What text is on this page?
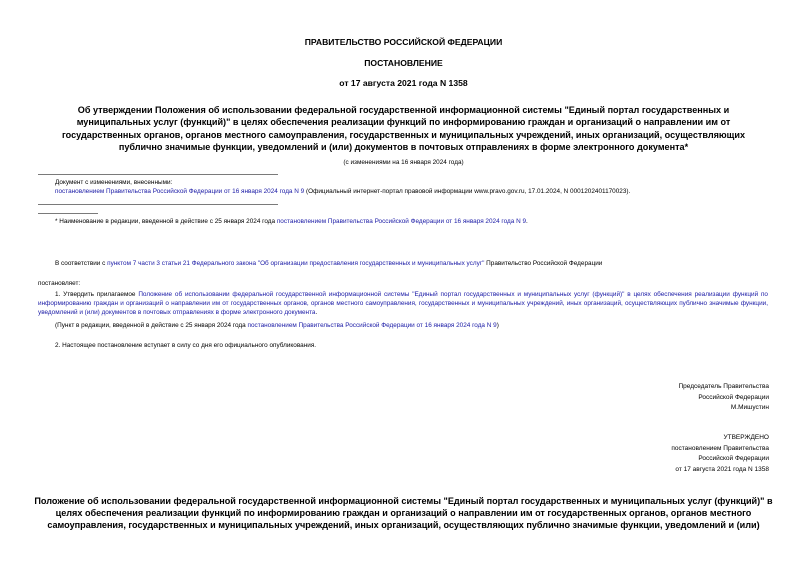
ПРАВИТЕЛЬСТВО РОССИЙСКОЙ ФЕДЕРАЦИИ
ПОСТАНОВЛЕНИЕ
от 17 августа 2021 года N 1358
Об утверждении Положения об использовании федеральной государственной информационной системы "Единый портал государственных и муниципальных услуг (функций)" в целях обеспечения реализации функций по информированию граждан и организаций о направлении им от государственных органов, органов местного самоуправления, государственных и муниципальных учреждений, иных организаций, осуществляющих публично значимые функции, уведомлений и (или) документов в почтовых отправлениях в форме электронного документа*
(с изменениями на 16 января 2024 года)
Документ с изменениями, внесенными:
постановлением Правительства Российской Федерации от 16 января 2024 года N 9 (Официальный интернет-портал правовой информации www.pravo.gov.ru, 17.01.2024, N 0001202401170023).
* Наименование в редакции, введенной в действие с 25 января 2024 года постановлением Правительства Российской Федерации от 16 января 2024 года N 9.
В соответствии с пунктом 7 части 3 статьи 21 Федерального закона "Об организации предоставления государственных и муниципальных услуг" Правительство Российской Федерации
постановляет:
1. Утвердить прилагаемое Положение об использовании федеральной государственной информационной системы "Единый портал государственных и муниципальных услуг (функций)" в целях обеспечения реализации функций по информированию граждан и организаций о направлении им от государственных органов, органов местного самоуправления, государственных и муниципальных учреждений, иных организаций, осуществляющих публично значимые функции, уведомлений и (или) документов в почтовых отправлениях в форме электронного документа.
(Пункт в редакции, введенной в действие с 25 января 2024 года постановлением Правительства Российской Федерации от 16 января 2024 года N 9)
2. Настоящее постановление вступает в силу со дня его официального опубликования.
Председатель Правительства
Российской Федерации
М.Мишустин
УТВЕРЖДЕНО
постановлением Правительства
Российской Федерации
от 17 августа 2021 года N 1358
Положение об использовании федеральной государственной информационной системы "Единый портал государственных и муниципальных услуг (функций)" в целях обеспечения реализации функций по информированию граждан и организаций о направлении им от государственных органов, органов местного самоуправления, государственных и муниципальных учреждений, иных организаций, осуществляющих публично значимые функции, уведомлений и (или)
